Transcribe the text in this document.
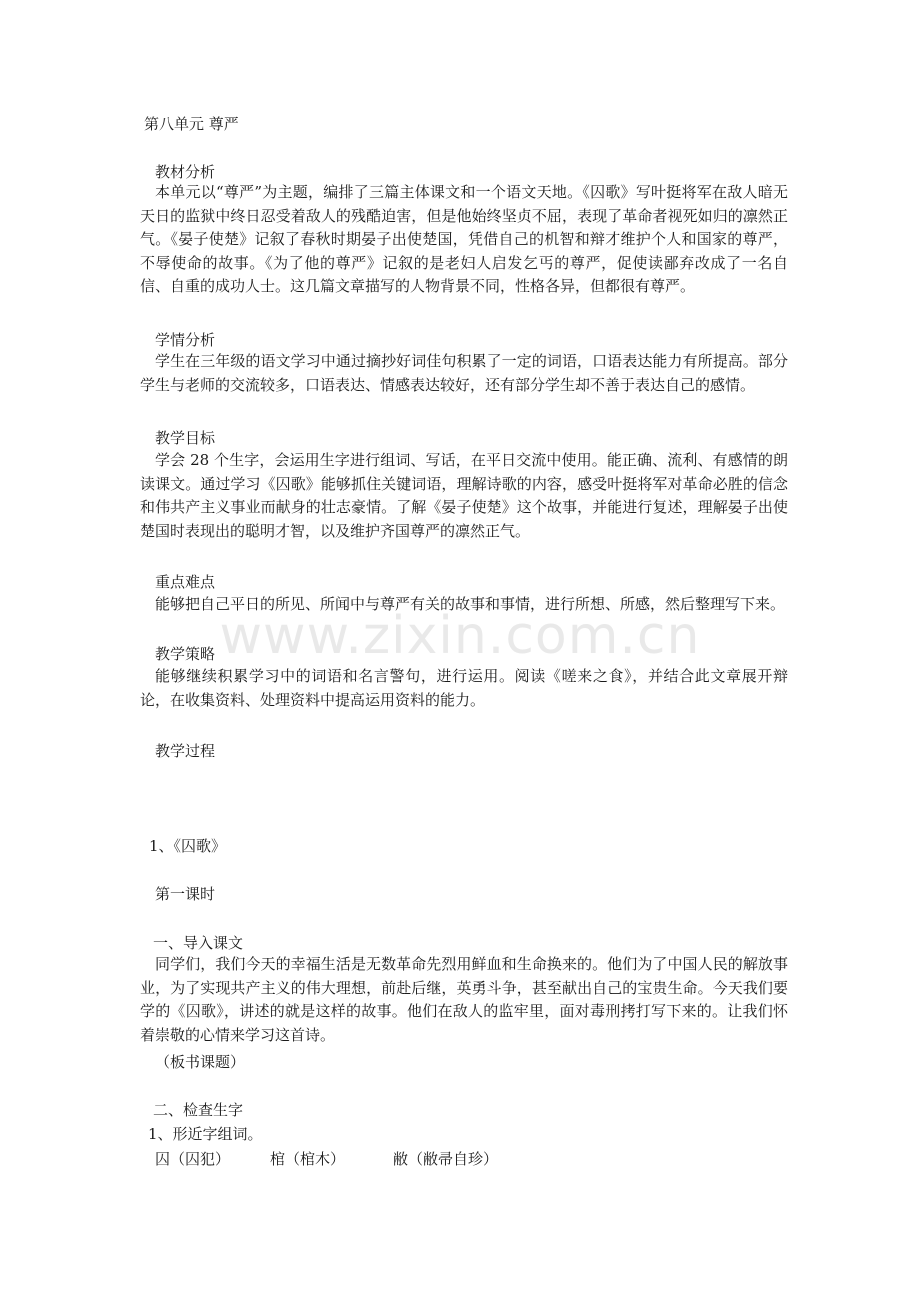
www.zixin.com.cn
第八单元 尊严
教材分析
本单元以“尊严”为主题，编排了三篇主体课文和一个语文天地。《囚歌》写叶挺将军在敌人暗无天日的监狱中终日忍受着敌人的残酷迫害，但是他始终坚贞不屈，表现了革命者视死如归的凛然正气。《晏子使楚》记叙了春秋时期晏子出使楚国，凭借自己的机智和辩才维护个人和国家的尊严，不辱使命的故事。《为了他的尊严》记叙的是老妇人启发乞丐的尊严，促使读鄙弃改成了一名自信、自重的成功人士。这几篇文章描写的人物背景不同，性格各异，但都很有尊严。
学情分析
学生在三年级的语文学习中通过摘抄好词佳句积累了一定的词语，口语表达能力有所提高。部分学生与老师的交流较多，口语表达、情感表达较好，还有部分学生却不善于表达自己的感情。
教学目标
学会 28 个生字，会运用生字进行组词、写话，在平日交流中使用。能正确、流利、有感情的朗读课文。通过学习《囚歌》能够抓住关键词语，理解诗歌的内容，感受叶挺将军对革命必胜的信念和伟共产主义事业而献身的壮志豪情。了解《晏子使楚》这个故事，并能进行复述，理解晏子出使楚国时表现出的聪明才智，以及维护齐国尊严的凛然正气。
重点难点
能够把自己平日的所见、所闻中与尊严有关的故事和事情，进行所想、所感，然后整理写下来。
教学策略
能够继续积累学习中的词语和名言警句，进行运用。阅读《嗟来之食》，并结合此文章展开辩论，在收集资料、处理资料中提高运用资料的能力。
教学过程
1、《囚歌》
第一课时
一、导入课文
同学们，我们今天的幸福生活是无数革命先烈用鲜血和生命换来的。他们为了中国人民的解放事业，为了实现共产主义的伟大理想，前赴后继，英勇斗争，甚至献出自己的宝贵生命。今天我们要学的《囚歌》，讲述的就是这样的故事。他们在敌人的监牢里，面对毒刑拷打写下来的。让我们怀着崇敬的心情来学习这首诗。
（板书课题）
二、检查生字
1、形近字组词。
囚（囚犯）	棺（棺木）	敝（敝帚自珍）
